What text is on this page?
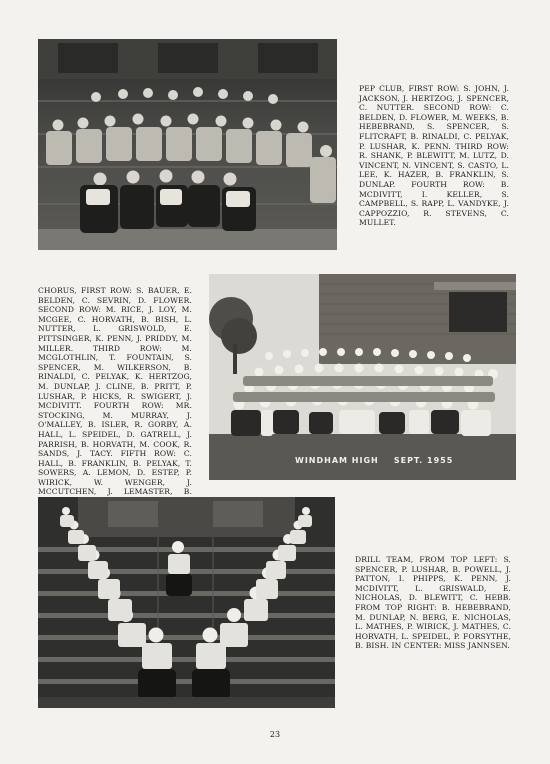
PEP CLUB, FIRST ROW: S. JOHN, J. JACKSON, J. HERTZOG, J. SPENCER, C. NUTTER. SECOND ROW: C. BELDEN, D. FLOWER, M. WEEKS, B. HEBEBRAND, S. SPENCER, S. FLITCRAFT, B. RINALDI, C. PELYAK, P. LUSHAR, K. PENN. THIRD ROW: R. SHANK, P. BLEWITT, M. LUTZ, D. VINCENT, N. VINCENT, S. CASTO, L. LEE, K. HAZER, B. FRANKLIN, S. DUNLAP. FOURTH ROW: B. MCDIVITT, I. KELLER, S. CAMPBELL, S. RAPP, L. VANDYKE, J. CAPPOZZIO, R. STEVENS, C. MULLET.
CHORUS, FIRST ROW: S. BAUER, E. BELDEN, C. SEVRIN, D. FLOWER. SECOND ROW: M. RICE, J. LOY, M. MCGEE, C. HORVATH, B. BISH, L. NUTTER, L. GRISWOLD, E. PITTSINGER, K. PENN, J. PRIDDY, M. MILLER. THIRD ROW: M. MCGLOTHLIN, T. FOUNTAIN, S. SPENCER, M. WILKERSON, B. RINALDI, C. PELYAK, K. HERTZOG, M. DUNLAP, J. CLINE, B. PRITT, P. LUSHAR, P. HICKS, R. SWIGERT, J. MCDIVITT. FOURTH ROW: MR. STOCKING, M. MURRAY, J. O'MALLEY, B. ISLER, R. GORBY, A. HALL, L. SPEIDEL, D. GATRELL, J. PARRISH, B. HORVATH, M. COOK, R. SANDS, J. TACY. FIFTH ROW: C. HALL, B. FRANKLIN, B. PELYAK, T. SOWERS, A. LEMON, D. ESTEP, P. WIRICK, W. WENGER, J. MCCUTCHEN, J. LEMASTER, B.
WINDHAM HIGH    SEPT. 1955
DRILL TEAM, FROM TOP LEFT: S. SPENCER, P. LUSHAR, B. POWELL, J. PATTON, I. PHIPPS, K. PENN, J. MCDIVITT, L. GRISWALD, E. NICHOLAS, D. BLEWITT, C. HEBB. FROM TOP RIGHT: B. HEBEBRAND, M. DUNLAP, N. BERG, E. NICHOLAS, L. MATHES, P. WIRICK, J. MATHES, C. HORVATH, L. SPEIDEL, P. FORSYTHE, B. BISH. IN CENTER: MISS JANNSEN.
23
